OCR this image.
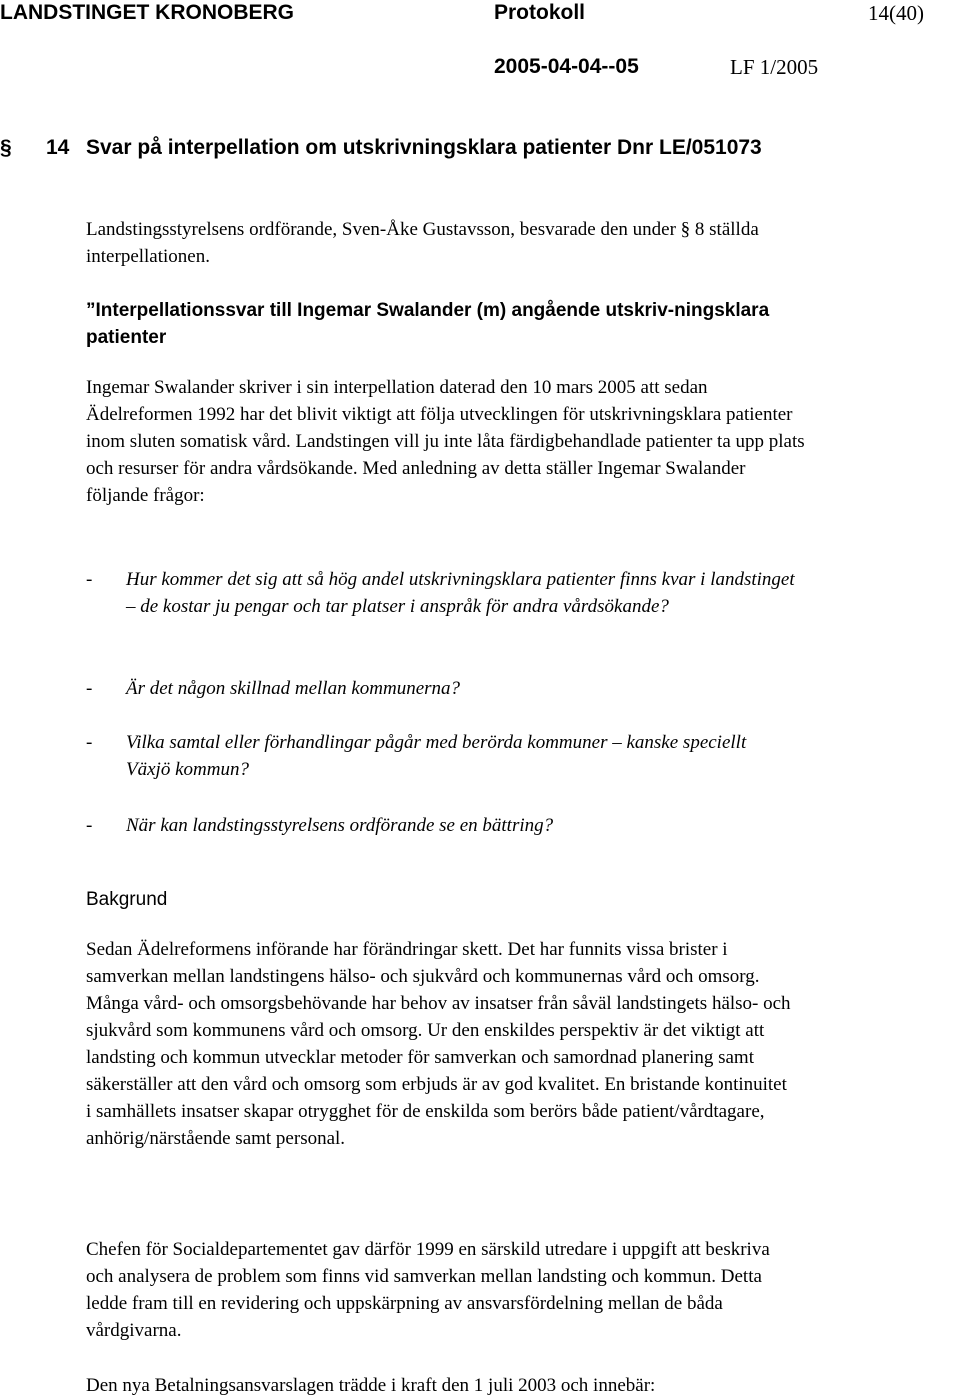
LANDSTINGET KRONOBERG	Protokoll	14(40)
2005-04-04--05	LF 1/2005
§ 14 Svar på interpellation om utskrivningsklara patienter Dnr LE/051073
Landstingsstyrelsens ordförande, Sven-Åke Gustavsson, besvarade den under § 8 ställda interpellationen.
”Interpellationssvar till Ingemar Swalander (m) angående utskriv-ningsklara patienter
Ingemar Swalander skriver i sin interpellation daterad den 10 mars 2005 att sedan Ädelreformen 1992 har det blivit viktigt att följa utvecklingen för utskrivningsklara patienter inom sluten somatisk vård. Landstingen vill ju inte låta färdigbehandlade patienter ta upp plats och resurser för andra vårdsökande. Med anledning av detta ställer Ingemar Swalander följande frågor:
- Hur kommer det sig att så hög andel utskrivningsklara patienter finns kvar i landstinget – de kostar ju pengar och tar platser i anspråk för andra vårdsökande?
- Är det någon skillnad mellan kommunerna?
- Vilka samtal eller förhandlingar pågår med berörda kommuner – kanske speciellt Växjö kommun?
- När kan landstingsstyrelsens ordförande se en bättring?
Bakgrund
Sedan Ädelreformens införande har förändringar skett. Det har funnits vissa brister i samverkan mellan landstingens hälso- och sjukvård och kommunernas vård och omsorg. Många vård- och omsorgsbehövande har behov av insatser från såväl landstingets hälso- och sjukvård som kommunens vård och omsorg. Ur den enskildes perspektiv är det viktigt att landsting och kommun utvecklar metoder för samverkan och samordnad planering samt säkerställer att den vård och omsorg som erbjuds är av god kvalitet. En bristande kontinuitet i samhällets insatser skapar otrygghet för de enskilda som berörs både patient/vårdtagare, anhörig/närstående samt personal.
Chefen för Socialdepartementet gav därför 1999 en särskild utredare i uppgift att beskriva och analysera de problem som finns vid samverkan mellan landsting och kommun. Detta ledde fram till en revidering och uppskärpning av ansvarsfördelning mellan de båda vårdgivarna.
Den nya Betalningsansvarslagen trädde i kraft den 1 juli 2003 och innebär:
